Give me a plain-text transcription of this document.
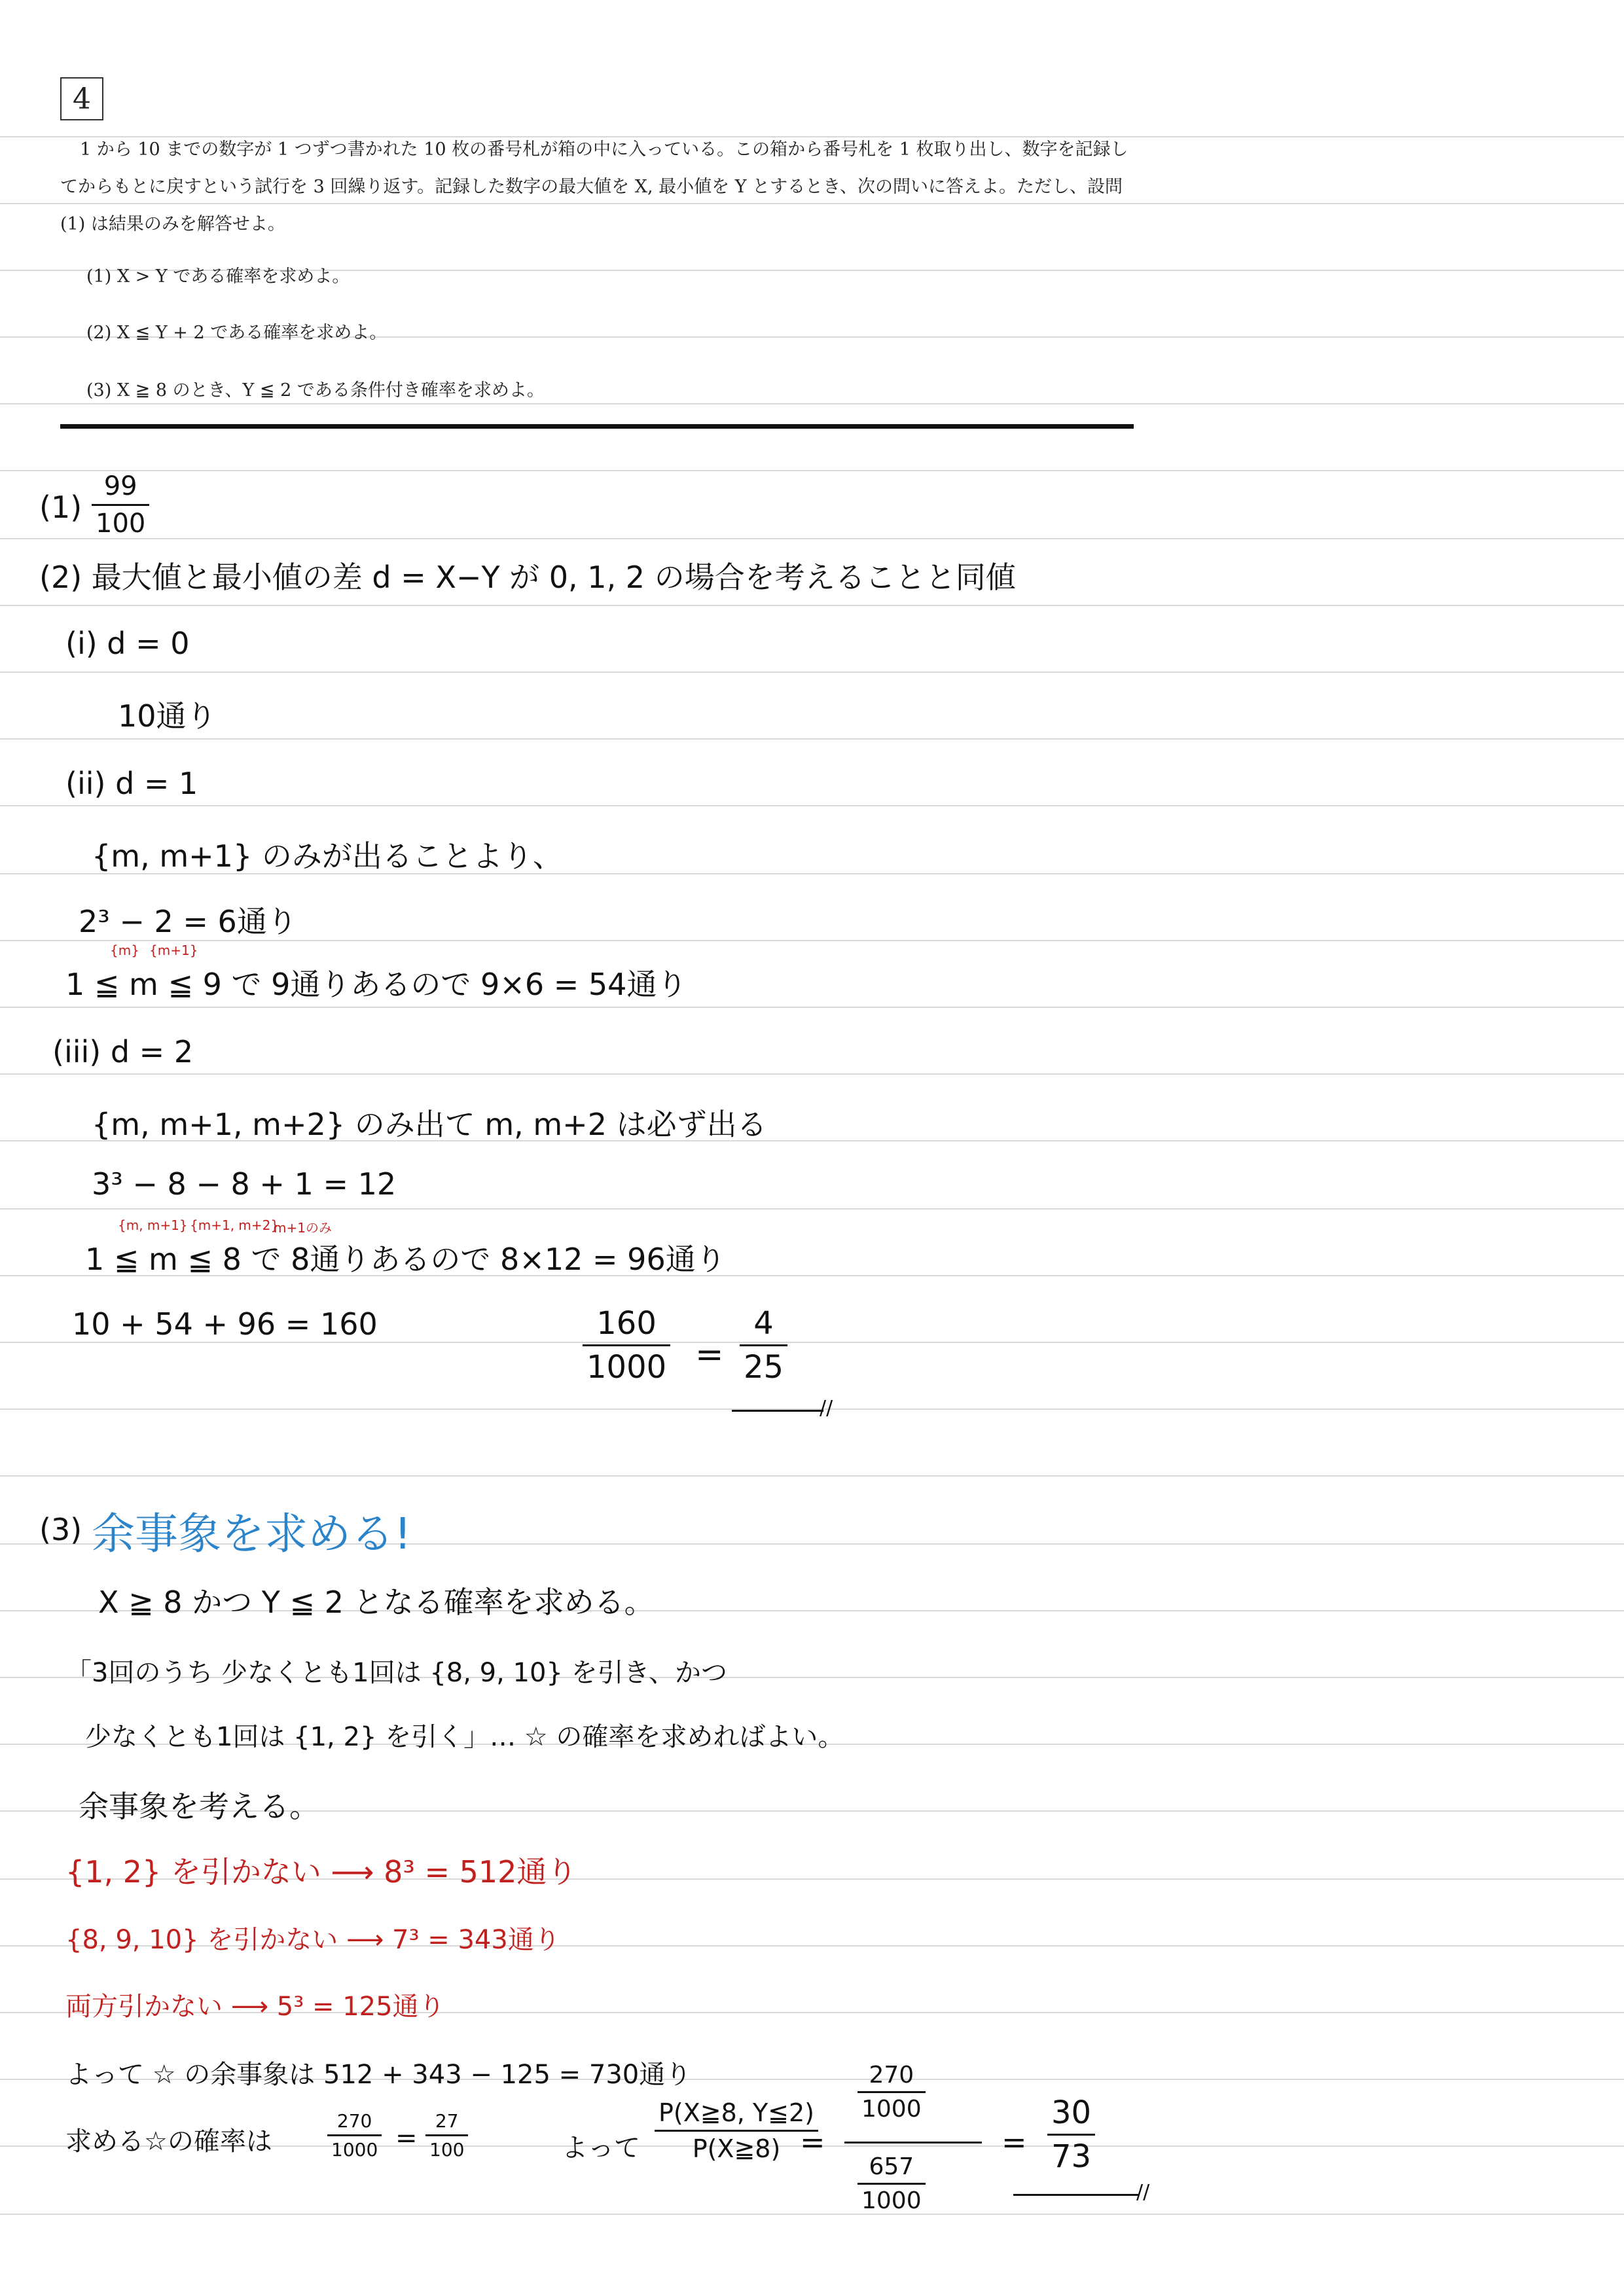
4

1 から 10 までの数字が 1 つずつ書かれた 10 枚の番号札が箱の中に入っている。この箱から番号札を 1 枚取り出し、数字を記録してからもとに戻すという試行を 3 回繰り返す。記録した数字の最大値を X, 最小値を Y とするとき、次の問いに答えよ。ただし、設問 (1) は結果のみを解答せよ。

(1) X > Y である確率を求めよ。
(2) X ≦ Y + 2 である確率を求めよ。
(3) X ≧ 8 のとき、Y ≦ 2 である条件付き確率を求めよ。
(1)
99
100
(2) 最大値と最小値の差 d = X−Y が 0, 1, 2 の場合を考えることと同値
(i) d = 0
10通り
(ii) d = 1
{m, m+1} のみが出ることより、
2³ − 2 = 6通り
{m} {m+1}
1 ≦ m ≦ 9 で 9通りあるので 9×6 = 54通り
(iii) d = 2
{m, m+1, m+2} のみ出て m, m+2 は必ず出る
3³ − 8 − 8 + 1 = 12
{m, m+1} {m+1, m+2}
m+1のみ
1 ≦ m ≦ 8 で 8通りあるので 8×12 = 96通り
10 + 54 + 96 = 160	160
1000 =
4
25
//
(3) 余事象を求める!
X ≧ 8 かつ Y ≦ 2 となる確率を求める。
「3回のうち 少なくとも1回は {8, 9, 10} を引き、かつ
少なくとも1回は {1, 2} を引く」… ☆ の確率を求めればよい。
余事象を考える。
{1, 2} を引かない ⟶ 8³ = 512通り
{8, 9, 10} を引かない ⟶ 7³ = 343通り
両方引かない ⟶ 5³ = 125通り
よって ☆ の余事象は 512 + 343 − 125 = 730通り
求める☆の確率は
270
1000 =
27
100	よって
P(X≧8, Y≦2)
P(X≧8) =
270
1000
657
1000
=
30
73
//
